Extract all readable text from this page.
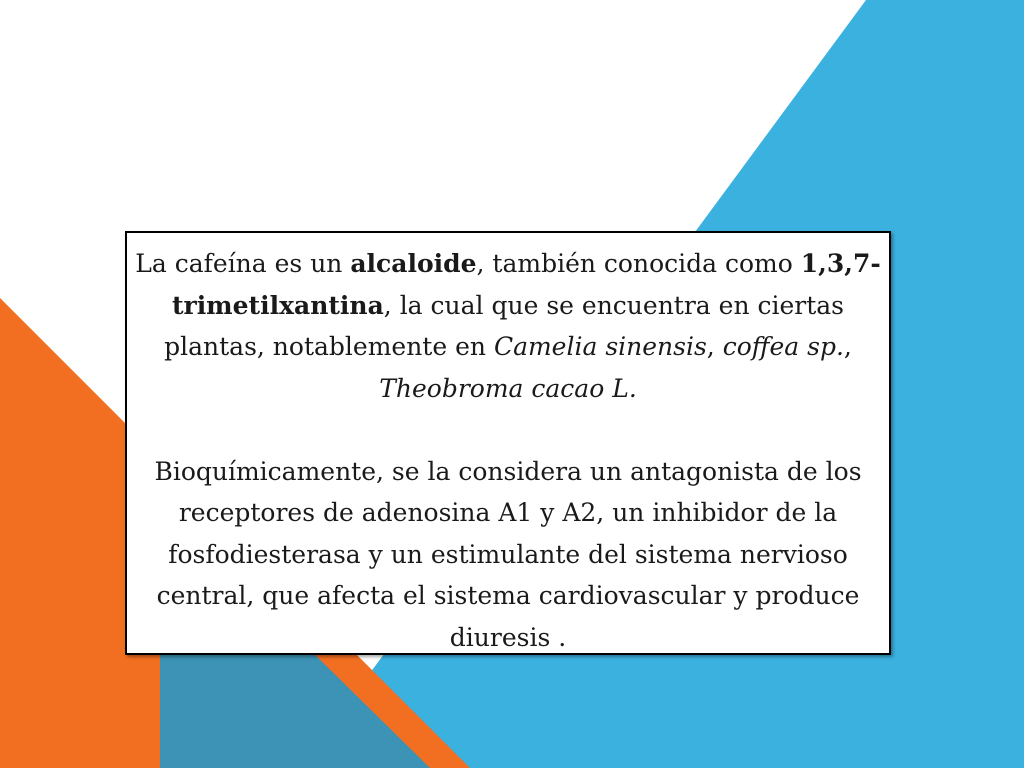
La cafeína es un alcaloide, también conocida como 1,3,7-trimetilxantina, la cual que se encuentra en ciertas plantas, notablemente en Camelia sinensis, coffea sp., Theobroma cacao L.

Bioquímicamente, se la considera un antagonista de los receptores de adenosina A1 y A2, un inhibidor de la fosfodiesterasa y un estimulante del sistema nervioso central, que afecta el sistema cardiovascular y produce diuresis .
